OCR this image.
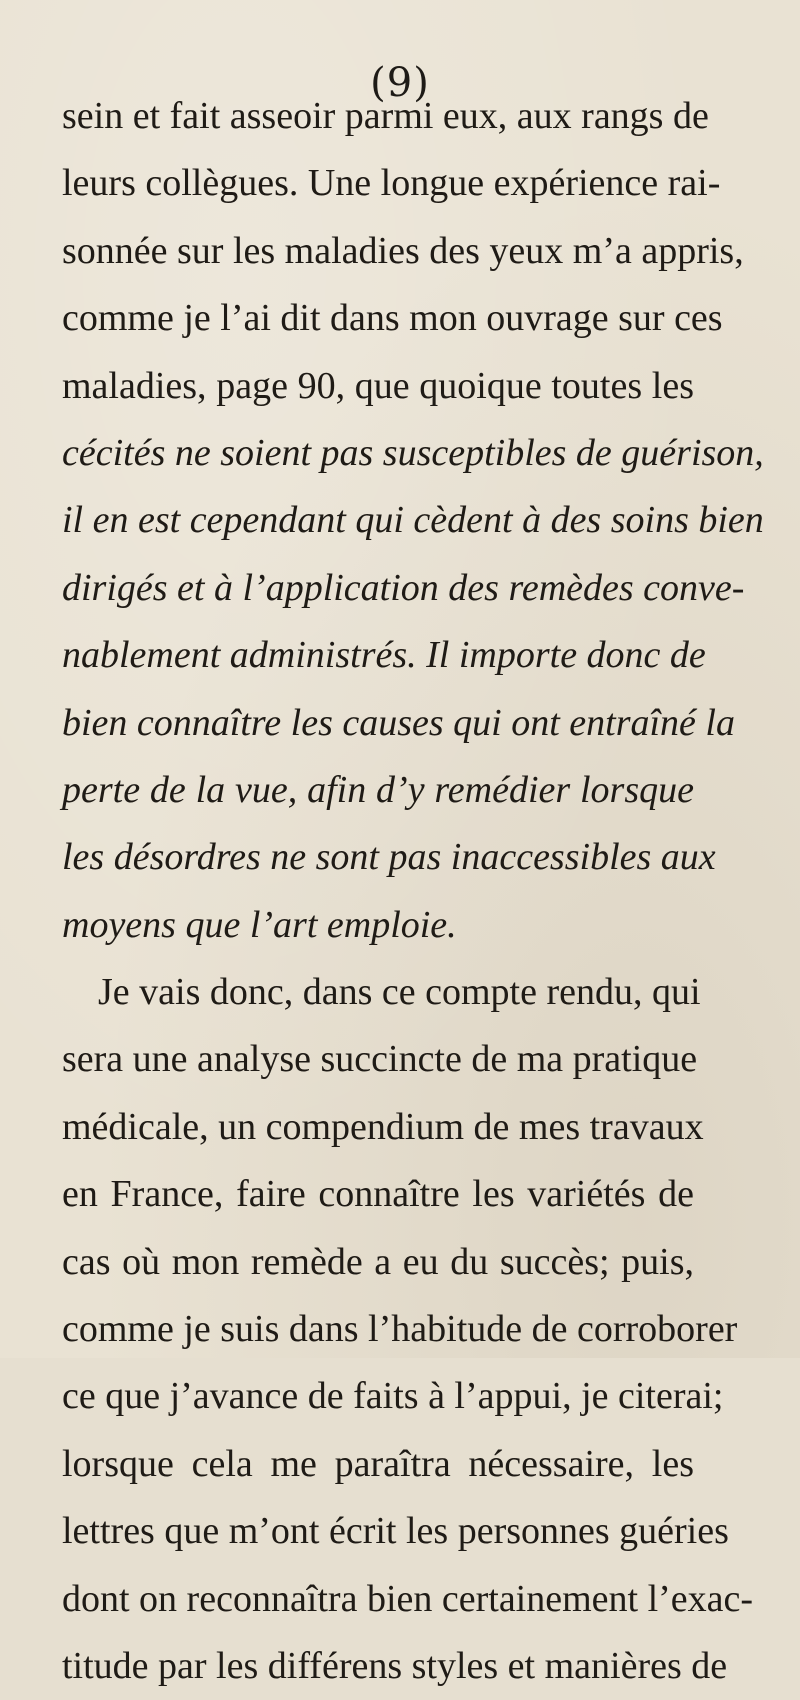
(9)
sein et fait asseoir parmi eux, aux rangs de
leurs collègues. Une longue expérience rai-
sonnée sur les maladies des yeux m’a appris,
comme je l’ai dit dans mon ouvrage sur ces
maladies, page 90, que quoique toutes les
cécités ne soient pas susceptibles de guérison,
il en est cependant qui cèdent à des soins bien
dirigés et à l’application des remèdes conve-
nablement administrés. Il importe donc de
bien connaître les causes qui ont entraîné la
perte de la vue, afin d’y remédier lorsque
les désordres ne sont pas inaccessibles aux
moyens que l’art emploie.
Je vais donc, dans ce compte rendu, qui
sera une analyse succincte de ma pratique
médicale, un compendium de mes travaux
en France, faire connaître les variétés de
cas où mon remède a eu du succès; puis,
comme je suis dans l’habitude de corroborer
ce que j’avance de faits à l’appui, je citerai;
lorsque cela me paraîtra nécessaire, les
lettres que m’ont écrit les personnes guéries
dont on reconnaîtra bien certainement l’exac-
titude par les différens styles et manières de
